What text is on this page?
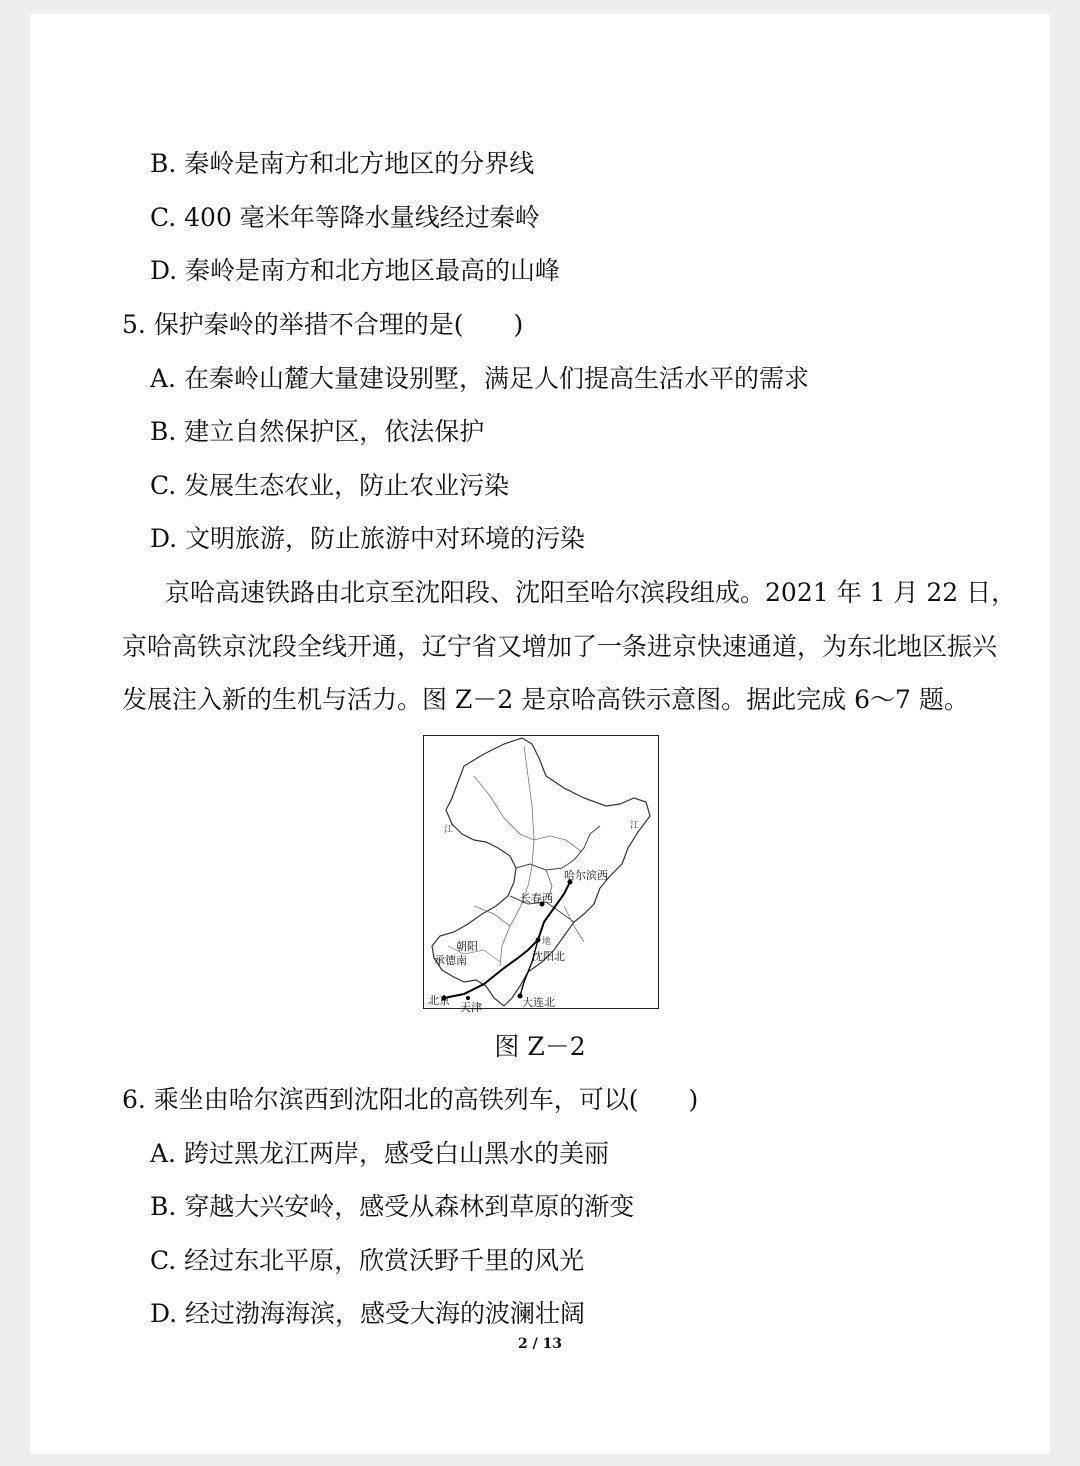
B. 秦岭是南方和北方地区的分界线
C. 400 毫米年等降水量线经过秦岭
D. 秦岭是南方和北方地区最高的山峰
5. 保护秦岭的举措不合理的是(　　)
A. 在秦岭山麓大量建设别墅，满足人们提高生活水平的需求
B. 建立自然保护区，依法保护
C. 发展生态农业，防止农业污染
D. 文明旅游，防止旅游中对环境的污染
京哈高速铁路由北京至沈阳段、沈阳至哈尔滨段组成。2021 年 1 月 22 日，
京哈高铁京沈段全线开通，辽宁省又增加了一条进京快速通道，为东北地区振兴
发展注入新的生机与活力。图 Z－2 是京哈高铁示意图。据此完成 6～7 题。
哈尔滨西
长春西
沈阳北
朝阳
承德南
北京
天津	大连北
地
江	江
图 Z－2
6. 乘坐由哈尔滨西到沈阳北的高铁列车，可以(　　)
A. 跨过黑龙江两岸，感受白山黑水的美丽
B. 穿越大兴安岭，感受从森林到草原的渐变
C. 经过东北平原，欣赏沃野千里的风光
D. 经过渤海海滨，感受大海的波澜壮阔
2 / 13
